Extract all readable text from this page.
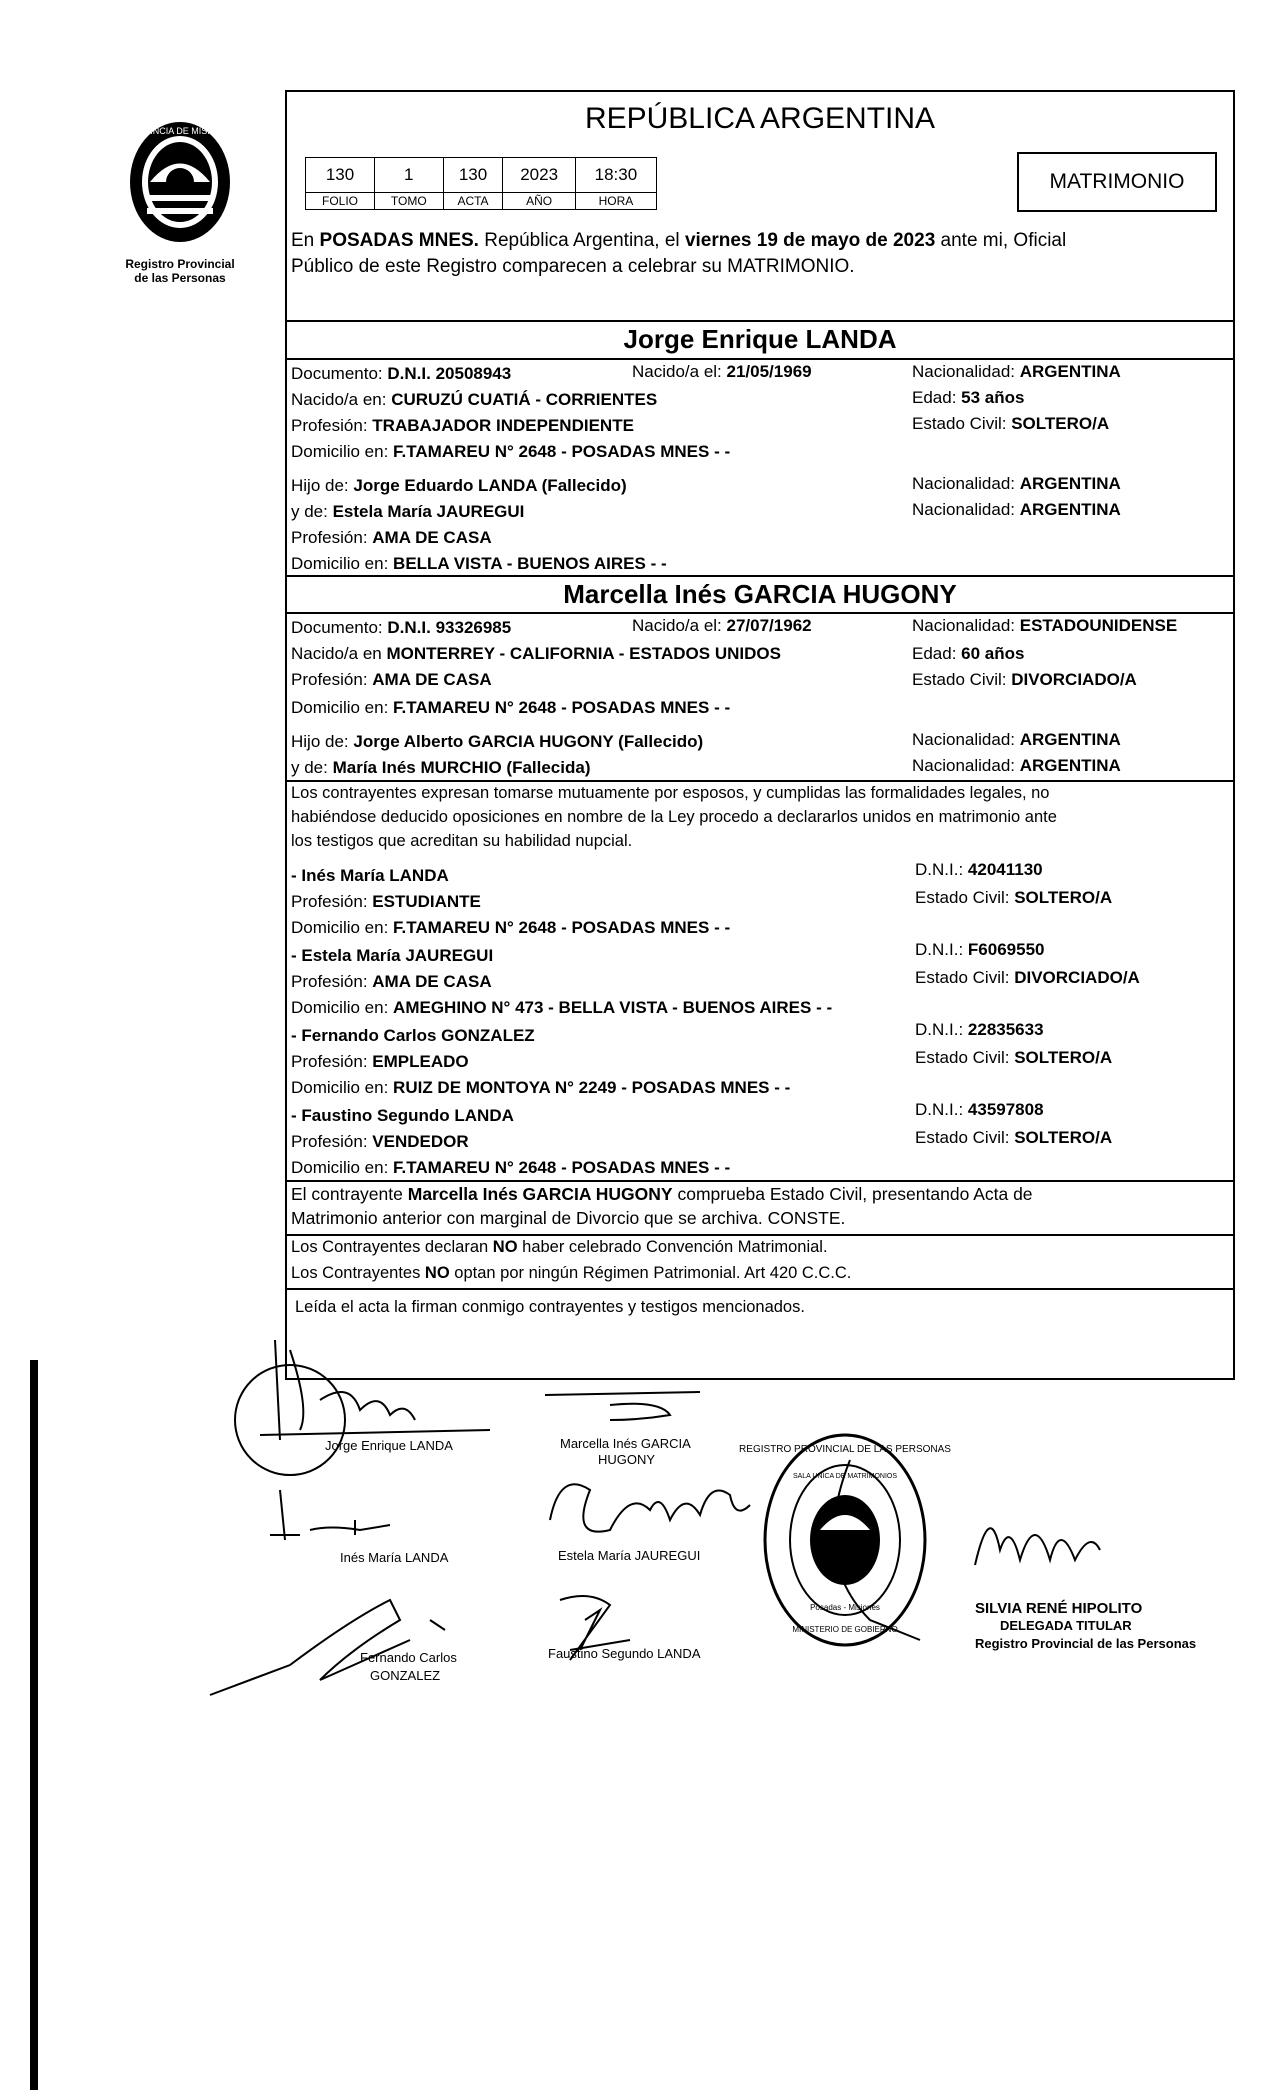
PROVINCIA DE MISIONES
Registro Provincial
de las Personas
REPÚBLICA ARGENTINA
130	1	130	2023	18:30
FOLIO	TOMO	ACTA	AÑO	HORA
MATRIMONIO
En POSADAS MNES. República Argentina, el viernes 19 de mayo de 2023 ante mi, Oficial
Público de este Registro comparecen a celebrar su MATRIMONIO.
Jorge Enrique LANDA
Documento: D.N.I. 20508943	Nacido/a el: 21/05/1969	Nacionalidad: ARGENTINA
Nacido/a en: CURUZÚ CUATIÁ - CORRIENTES	Edad: 53 años
Profesión: TRABAJADOR INDEPENDIENTE	Estado Civil: SOLTERO/A
Domicilio en: F.TAMAREU N° 2648 - POSADAS MNES - -
Hijo de: Jorge Eduardo LANDA (Fallecido)	Nacionalidad: ARGENTINA
y de: Estela María JAUREGUI	Nacionalidad: ARGENTINA
Profesión: AMA DE CASA
Domicilio en: BELLA VISTA - BUENOS AIRES - -
Marcella Inés GARCIA HUGONY
Documento: D.N.I. 93326985	Nacido/a el: 27/07/1962	Nacionalidad: ESTADOUNIDENSE
Nacido/a en MONTERREY - CALIFORNIA - ESTADOS UNIDOS	Edad: 60 años
Profesión: AMA DE CASA	Estado Civil: DIVORCIADO/A
Domicilio en: F.TAMAREU N° 2648 - POSADAS MNES - -
Hijo de: Jorge Alberto GARCIA HUGONY (Fallecido)	Nacionalidad: ARGENTINA
y de: María Inés MURCHIO (Fallecida)	Nacionalidad: ARGENTINA
Los contrayentes expresan tomarse mutuamente por esposos, y cumplidas las formalidades legales, no
habiéndose deducido oposiciones en nombre de la Ley procedo a declararlos unidos en matrimonio ante
los testigos que acreditan su habilidad nupcial.
- Inés María LANDA	D.N.I.: 42041130
Profesión: ESTUDIANTE	Estado Civil: SOLTERO/A
Domicilio en: F.TAMAREU N° 2648 - POSADAS MNES - -
- Estela María JAUREGUI	D.N.I.: F6069550
Profesión: AMA DE CASA	Estado Civil: DIVORCIADO/A
Domicilio en: AMEGHINO N° 473 - BELLA VISTA - BUENOS AIRES - -
- Fernando Carlos GONZALEZ	D.N.I.: 22835633
Profesión: EMPLEADO	Estado Civil: SOLTERO/A
Domicilio en: RUIZ DE MONTOYA N° 2249 - POSADAS MNES - -
- Faustino Segundo LANDA	D.N.I.: 43597808
Profesión: VENDEDOR	Estado Civil: SOLTERO/A
Domicilio en: F.TAMAREU N° 2648 - POSADAS MNES - -
El contrayente Marcella Inés GARCIA HUGONY comprueba Estado Civil, presentando Acta de
Matrimonio anterior con marginal de Divorcio que se archiva. CONSTE.
Los Contrayentes declaran NO haber celebrado Convención Matrimonial.
Los Contrayentes NO optan por ningún Régimen Patrimonial. Art 420 C.C.C.
Leída el acta la firman conmigo contrayentes y testigos mencionados.
REGISTRO PROVINCIAL DE LAS PERSONAS
SALA UNICA DE MATRIMONIOS
Posadas - Misiones
MINISTERIO DE GOBIERNO
Jorge Enrique LANDA	Marcella Inés GARCIA
HUGONY
Inés María LANDA	Estela María JAUREGUI
Fernando Carlos
GONZALEZ
Faustino Segundo LANDA
SILVIA RENÉ HIPOLITO
DELEGADA TITULAR
Registro Provincial de las Personas
